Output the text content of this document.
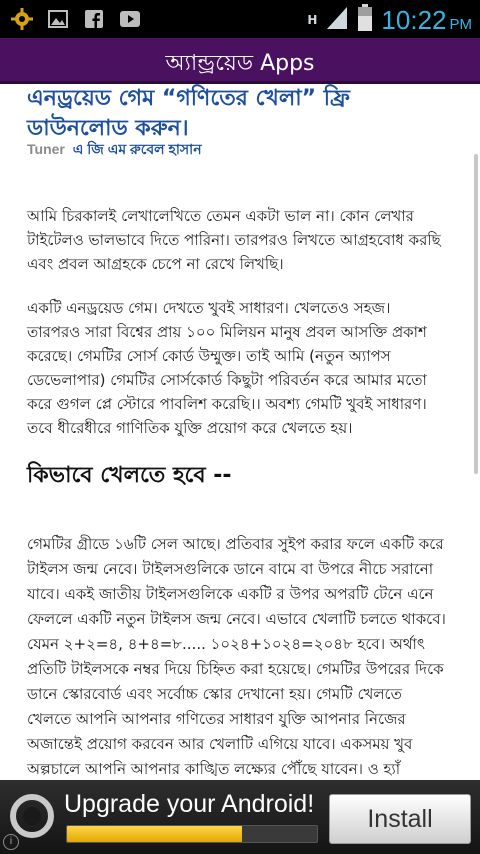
H 10:22 PM
অ্যান্ড্রয়েড Apps
এনড্রয়েড গেম “গণিতের খেলা” ফ্রি ডাউনলোড করুন।
Tuner এ জি এম রুবেল হাসান
আমি চিরকালই লেখালেখিতে তেমন একটা ভাল না। কোন লেখার টাইটেলও ভালভাবে দিতে পারিনা। তারপরও লিখতে আগ্রহবোধ করছি এবং প্রবল আগ্রহকে চেপে না রেখে লিখছি।
একটি এনড্রয়েড গেম। দেখতে খুবই সাধারণ। খেলতেও সহজ। তারপরও সারা বিশ্বের প্রায় ১০০ মিলিয়ন মানুষ প্রবল আসক্তি প্রকাশ করেছে। গেমটির সোর্স কোর্ড উম্মুক্ত। তাই আমি (নতুন অ্যাপস ডেভেলাপার) গেমটির সোর্সকোর্ড কিছুটা পরিবর্তন করে আমার মতো করে গুগল প্লে স্টোরে পাবলিশ করেছি।। অবশ্য গেমটি খুবই সাধারণ। তবে ধীরেধীরে গাণিতিক যুক্তি প্রয়োগ করে খেলতে হয়।
কিভাবে খেলতে হবে --
গেমটির গ্রীডে ১৬টি সেল আছে। প্রতিবার সুইপ করার ফলে একটি করে টাইলস জন্ম নেবে। টাইলসগুলিকে ডানে বামে বা উপরে নীচে সরানো যাবে। একই জাতীয় টাইলসগুলিকে একটি র উপর অপরটি টেনে এনে ফেললে একটি নতুন টাইলস জন্ম নেবে। এভাবে খেলাটি চলতে থাকবে। যেমন ২+২=৪, ৪+৪=৮..... ১০২৪+১০২৪=২০৪৮ হবে। অর্থাৎ প্রতিটি টাইলসকে নম্বর দিয়ে চিহ্নিত করা হয়েছে। গেমটির উপরের দিকে ডানে স্কোরবোর্ড এবং সর্বোচ্চ স্কোর দেখানো হয়। গেমটি খেলতে খেলতে আপনি আপনার গণিতের সাধারণ যুক্তি আপনার নিজের অজান্তেই প্রয়োগ করবেন আর খেলাটি এগিয়ে যাবে। একসময় খুব অল্পচালে আপনি আপনার কাঙ্খিত লক্ষ্যের পৌঁছে যাবেন। ও হ্যাঁ
i
Upgrade your Android!
Install
